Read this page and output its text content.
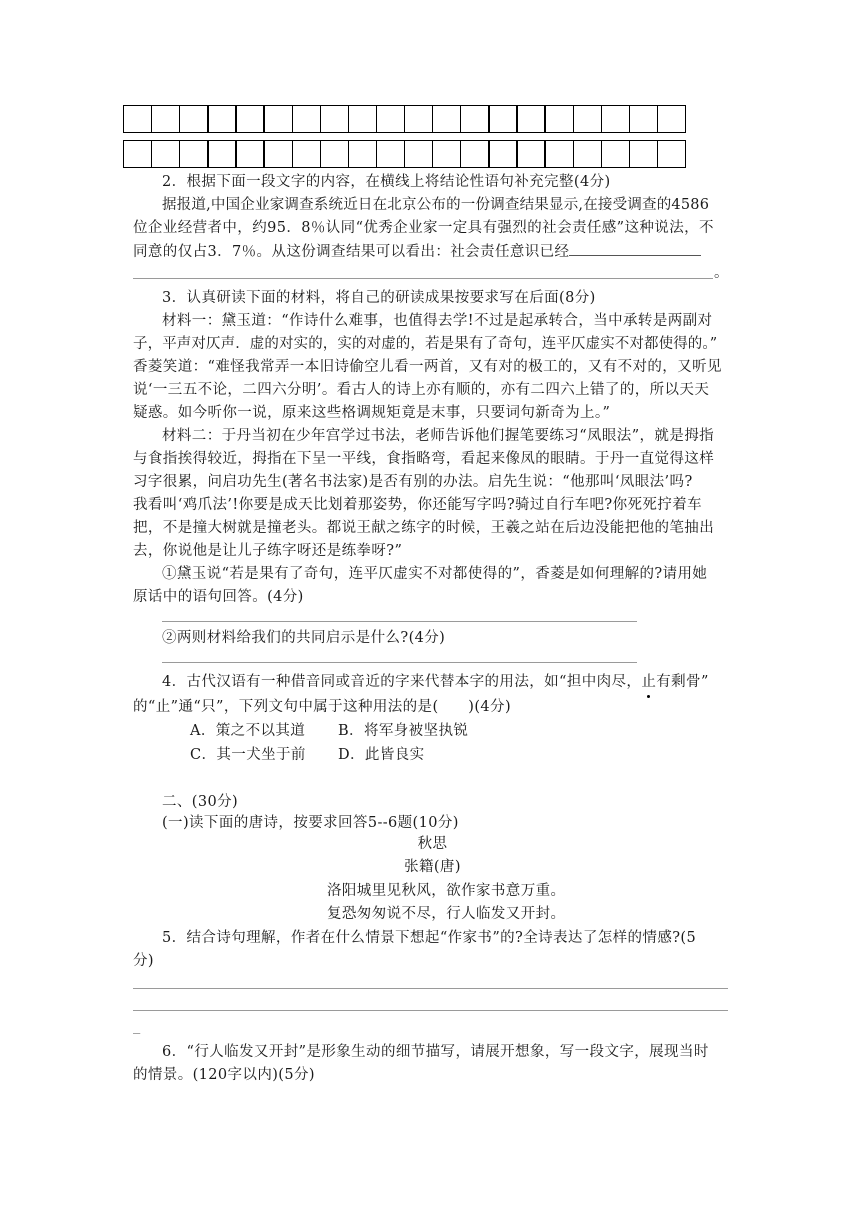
2．根据下面一段文字的内容，在横线上将结论性语句补充完整(4分)
据报道,中国企业家调查系统近日在北京公布的一份调查结果显示,在接受调查的4586
位企业经营者中，约95．8％认同“优秀企业家一定具有强烈的社会责任感”这种说法，不
同意的仅占3．7％。从这份调查结果可以看出：社会责任意识已经
。
3．认真研读下面的材料，将自己的研读成果按要求写在后面(8分)
材料一：黛玉道：“作诗什么难事，也值得去学!不过是起承转合，当中承转是两副对
子，平声对仄声．虚的对实的，实的对虚的，若是果有了奇句，连平仄虚实不对都使得的。”
香菱笑道：“难怪我常弄一本旧诗偷空儿看一两首，又有对的极工的，又有不对的，又听见
说‘一三五不论，二四六分明’。看古人的诗上亦有顺的，亦有二四六上错了的，所以天天
疑惑。如今听你一说，原来这些格调规矩竟是末事，只要词句新奇为上。”
材料二：于丹当初在少年宫学过书法，老师告诉他们握笔要练习“凤眼法”，就是拇指
与食指挨得较近，拇指在下呈一平线，食指略弯，看起来像凤的眼睛。于丹一直觉得这样
习字很累，问启功先生(著名书法家)是否有别的办法。启先生说：“他那叫‘凤眼法’吗?
我看叫‘鸡爪法’!你要是成天比划着那姿势，你还能写字吗?骑过自行车吧?你死死拧着车
把，不是撞大树就是撞老头。都说王献之练字的时候，王羲之站在后边没能把他的笔抽出
去，你说他是让儿子练字呀还是练拳呀?”
①黛玉说“若是果有了奇句，连平仄虚实不对都使得的”，香菱是如何理解的?请用她
原话中的语句回答。(4分)
②两则材料给我们的共同启示是什么?(4分)
4．古代汉语有一种借音同或音近的字来代替本字的用法，如“担中肉尽，止有剩骨”
的“止”通“只”，下列文句中属于这种用法的是(　　)(4分)
A．策之不以其道 B．将军身被坚执锐
C．其一犬坐于前 D．此皆良实
二、(30分)
(一)读下面的唐诗，按要求回答5--6题(10分)
秋思
张籍(唐)
洛阳城里见秋风，欲作家书意万重。
复恐匆匆说不尽，行人临发又开封。
5．结合诗句理解，作者在什么情景下想起“作家书”的?全诗表达了怎样的情感?(5
分)
_
6．“行人临发又开封”是形象生动的细节描写，请展开想象，写一段文字，展现当时
的情景。(120字以内)(5分)
